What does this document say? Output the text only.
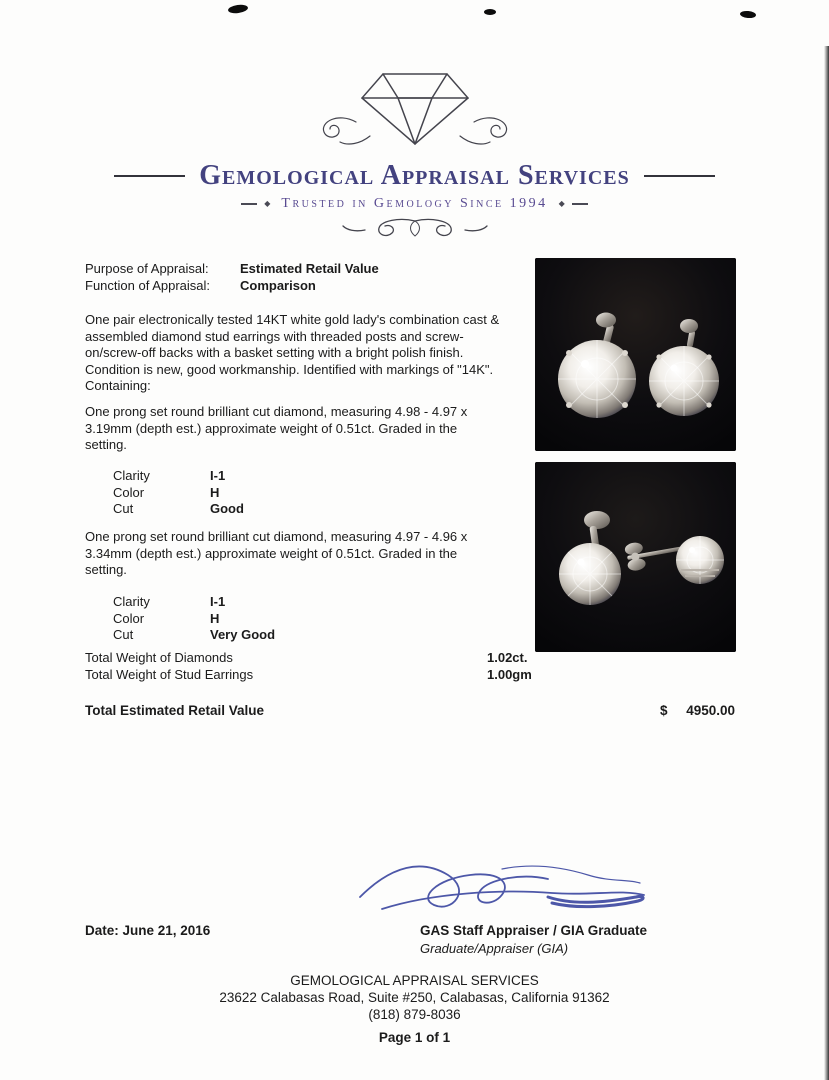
Gemological Appraisal Services
◆ Trusted in Gemology Since 1994 ◆
Purpose of Appraisal:	Estimated Retail Value
Function of Appraisal:	Comparison

One pair electronically tested 14KT white gold lady's combination cast & assembled diamond stud earrings with threaded posts and screw-on/screw-off backs with a basket setting with a bright polish finish. Condition is new, good workmanship. Identified with markings of "14K". Containing:

One prong set round brilliant cut diamond, measuring 4.98 - 4.97 x 3.19mm (depth est.) approximate weight of 0.51ct. Graded in the setting.

Clarity	I-1
Color	H
Cut	Good

One prong set round brilliant cut diamond, measuring 4.97 - 4.96 x 3.34mm (depth est.) approximate weight of 0.51ct. Graded in the setting.

Clarity	I-1
Color	H
Cut	Very Good
Total Weight of Diamonds	1.02ct.
Total Weight of Stud Earrings	1.00gm
Total Estimated Retail Value	$ 4950.00
Date: June 21, 2016	GAS Staff Appraiser / GIA Graduate
Graduate/Appraiser (GIA)
GEMOLOGICAL APPRAISAL SERVICES
23622 Calabasas Road, Suite #250, Calabasas, California 91362
(818) 879-8036
Page 1 of 1
